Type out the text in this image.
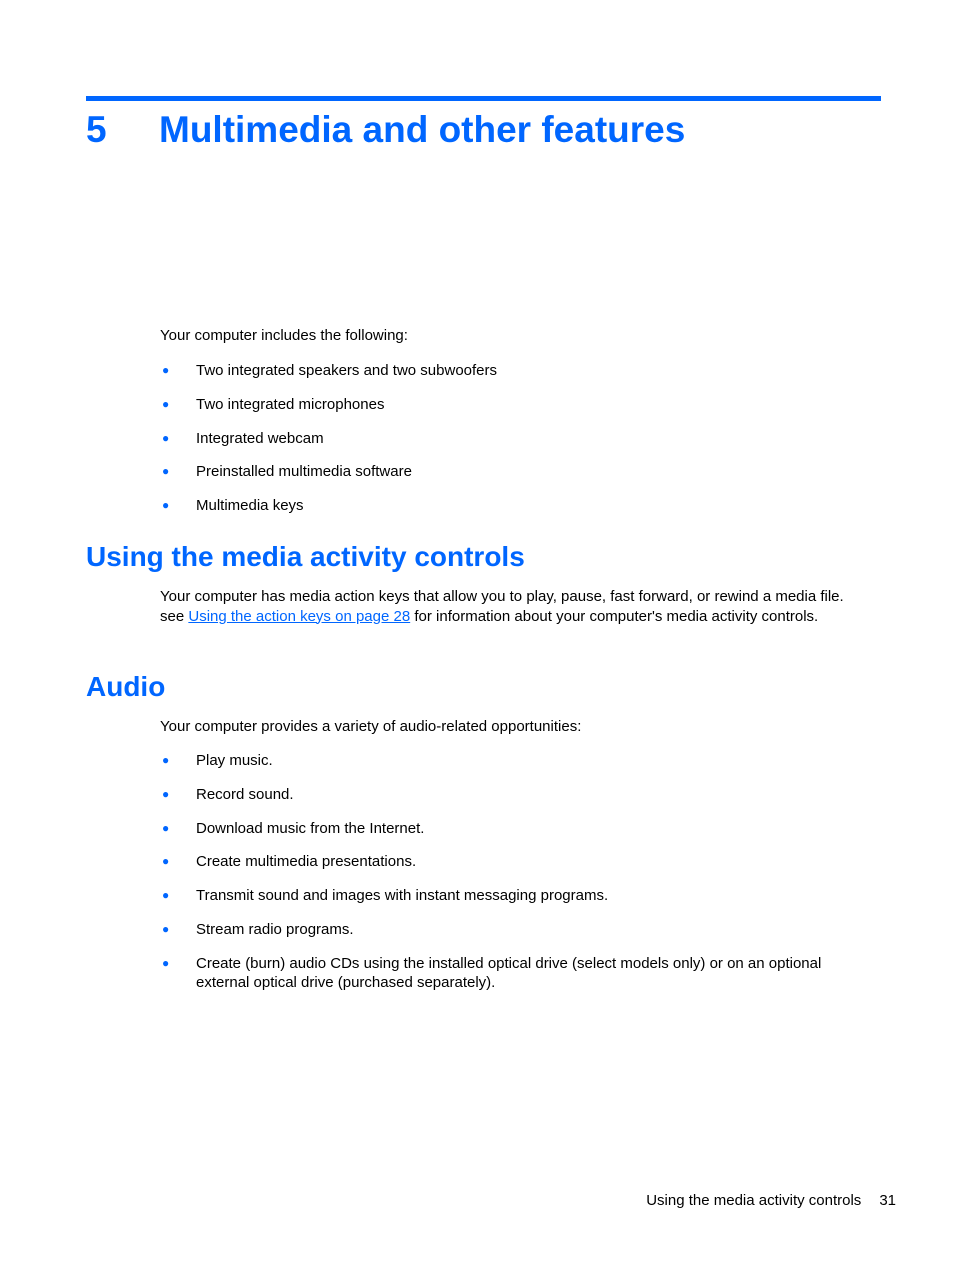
5 Multimedia and other features

Your computer includes the following:

● Two integrated speakers and two subwoofers
● Two integrated microphones
● Integrated webcam
● Preinstalled multimedia software
● Multimedia keys
Using the media activity controls

Your computer has media action keys that allow you to play, pause, fast forward, or rewind a media file. see Using the action keys on page 28 for information about your computer's media activity controls.

Audio

Your computer provides a variety of audio-related opportunities:

● Play music.
● Record sound.
● Download music from the Internet.
● Create multimedia presentations.
● Transmit sound and images with instant messaging programs.
● Stream radio programs.
● Create (burn) audio CDs using the installed optical drive (select models only) or on an optional external optical drive (purchased separately).
Using the media activity controls 31
